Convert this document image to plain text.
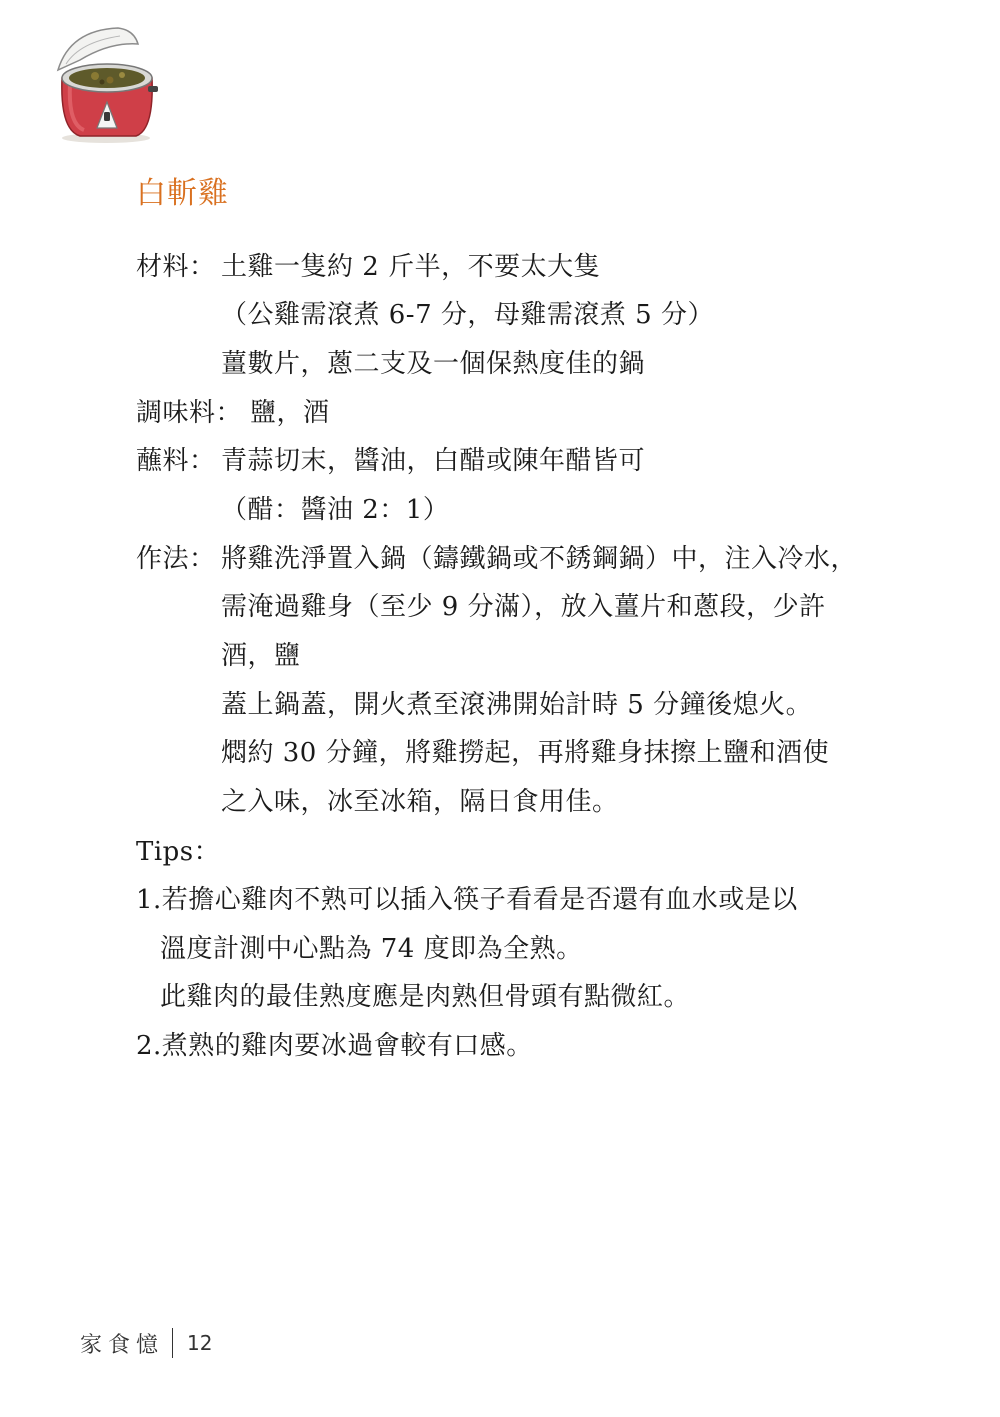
白斬雞
材料： 土雞一隻約 2 斤半，不要太大隻
（公雞需滾煮 6-7 分，母雞需滾煮 5 分）
薑數片，蔥二支及一個保熱度佳的鍋
調味料： 鹽，酒
蘸料： 青蒜切末，醬油，白醋或陳年醋皆可
（醋：醬油 2：1）
作法： 將雞洗淨置入鍋（鑄鐵鍋或不銹鋼鍋）中，注入冷水，
需淹過雞身（至少 9 分滿），放入薑片和蔥段，少許
酒，鹽
蓋上鍋蓋，開火煮至滾沸開始計時 5 分鐘後熄火。
燜約 30 分鐘，將雞撈起，再將雞身抹擦上鹽和酒使
之入味，冰至冰箱，隔日食用佳。
Tips：
1.若擔心雞肉不熟可以插入筷子看看是否還有血水或是以
溫度計測中心點為 74 度即為全熟。
此雞肉的最佳熟度應是肉熟但骨頭有點微紅。
2.煮熟的雞肉要冰過會較有口感。
家食憶 12
